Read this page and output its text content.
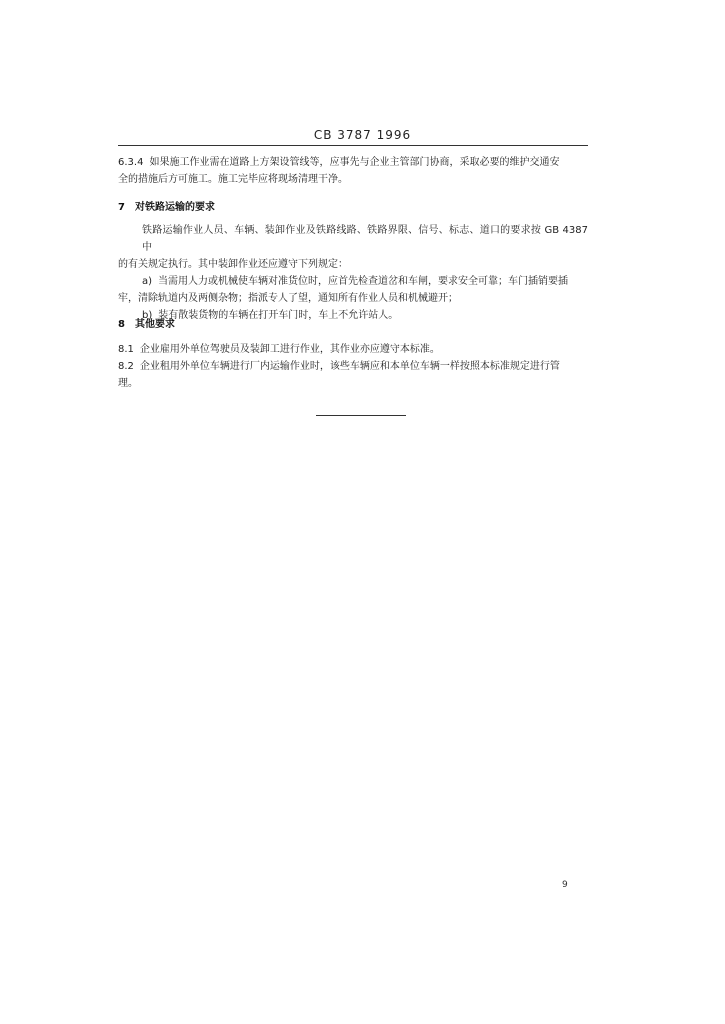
CB 3787 1996
6.3.4 如果施工作业需在道路上方架设管线等，应事先与企业主管部门协商，采取必要的维护交通安
全的措施后方可施工。施工完毕应将现场清理干净。
7 对铁路运输的要求
铁路运输作业人员、车辆、装卸作业及铁路线路、铁路界限、信号、标志、道口的要求按 GB 4387 中
的有关规定执行。其中装卸作业还应遵守下列规定：
a) 当需用人力或机械使车辆对准货位时，应首先检查道岔和车闸，要求安全可靠；车门插销要插
牢，清除轨道内及两侧杂物；指派专人了望，通知所有作业人员和机械避开；
b) 装有散装货物的车辆在打开车门时，车上不允许站人。
8 其他要求
8.1 企业雇用外单位驾驶员及装卸工进行作业，其作业亦应遵守本标准。
8.2 企业租用外单位车辆进行厂内运输作业时，该些车辆应和本单位车辆一样按照本标准规定进行管
理。
9
